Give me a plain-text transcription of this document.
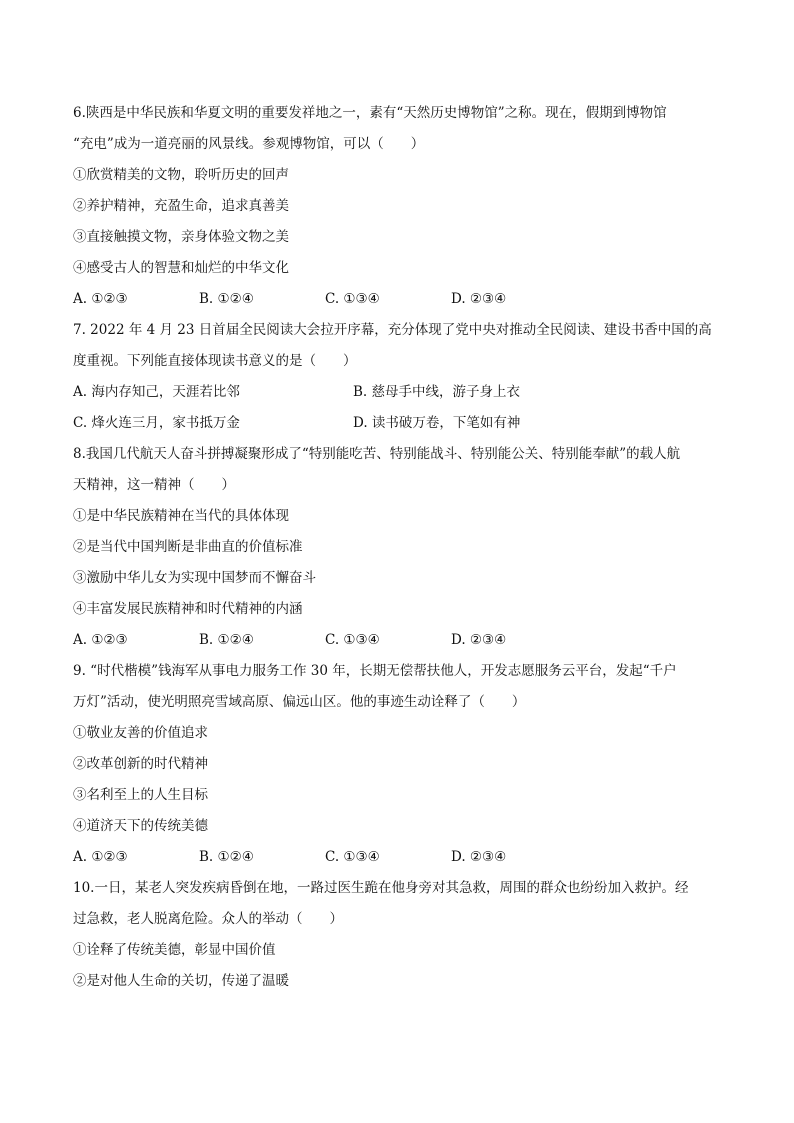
6.陕西是中华民族和华夏文明的重要发祥地之一，素有“天然历史博物馆”之称。现在，假期到博物馆
“充电”成为一道亮丽的风景线。参观博物馆，可以（　　）
①欣赏精美的文物，聆听历史的回声
②养护精神，充盈生命，追求真善美
③直接触摸文物，亲身体验文物之美
④感受古人的智慧和灿烂的中华文化
A. ①②③	B. ①②④	C. ①③④	D. ②③④
7. 2022 年 4 月 23 日首届全民阅读大会拉开序幕，充分体现了党中央对推动全民阅读、建设书香中国的高
度重视。下列能直接体现读书意义的是（　　）
A. 海内存知己，天涯若比邻	B. 慈母手中线，游子身上衣
C. 烽火连三月，家书抵万金	D. 读书破万卷，下笔如有神
8.我国几代航天人奋斗拼搏凝聚形成了“特别能吃苦、特别能战斗、特别能公关、特别能奉献”的载人航
天精神，这一精神（　　）
①是中华民族精神在当代的具体体现
②是当代中国判断是非曲直的价值标准
③激励中华儿女为实现中国梦而不懈奋斗
④丰富发展民族精神和时代精神的内涵
A. ①②③	B. ①②④	C. ①③④	D. ②③④
9. “时代楷模”钱海军从事电力服务工作 30 年，长期无偿帮扶他人，开发志愿服务云平台，发起“千户
万灯”活动，使光明照亮雪域高原、偏远山区。他的事迹生动诠释了（　　）
①敬业友善的价值追求
②改革创新的时代精神
③名利至上的人生目标
④道济天下的传统美德
A. ①②③	B. ①②④	C. ①③④	D. ②③④
10.一日，某老人突发疾病昏倒在地，一路过医生跪在他身旁对其急救，周围的群众也纷纷加入救护。经
过急救，老人脱离危险。众人的举动（　　）
①诠释了传统美德，彰显中国价值
②是对他人生命的关切，传递了温暖
